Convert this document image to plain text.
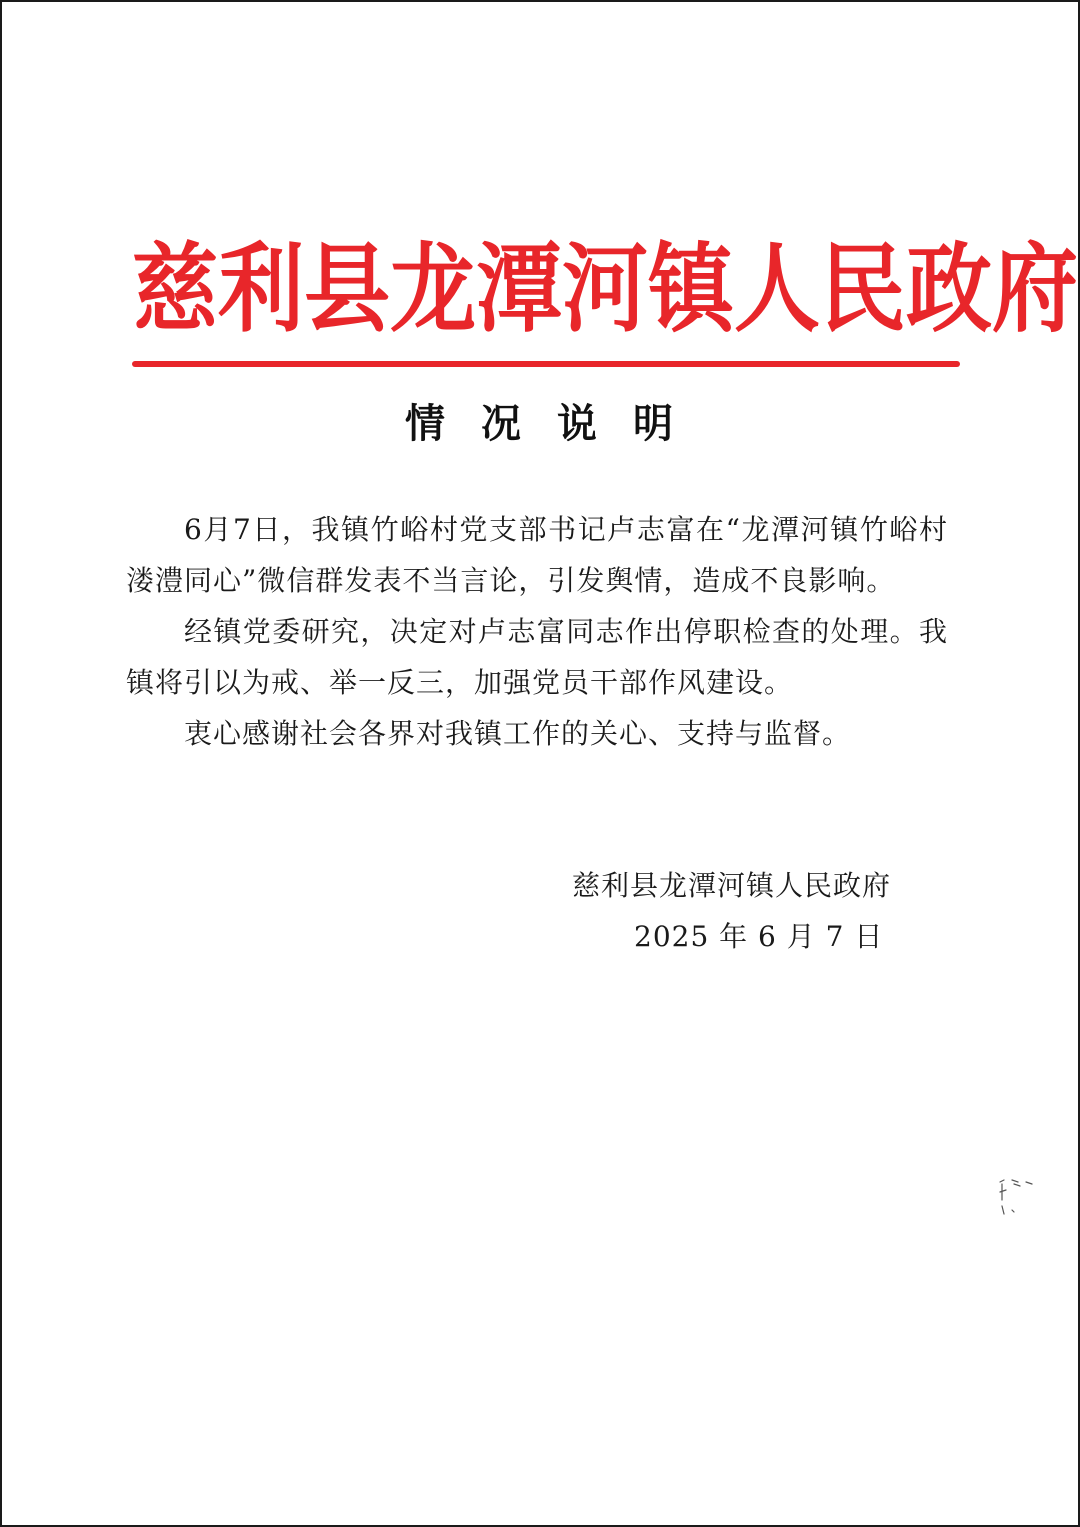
慈利县龙潭河镇人民政府
情况说明

6月7日，我镇竹峪村党支部书记卢志富在“龙潭河镇竹峪村溇澧同心”微信群发表不当言论，引发舆情，造成不良影响。

经镇党委研究，决定对卢志富同志作出停职检查的处理。我镇将引以为戒、举一反三，加强党员干部作风建设。

衷心感谢社会各界对我镇工作的关心、支持与监督。

慈利县龙潭河镇人民政府
2025 年 6 月 7 日
